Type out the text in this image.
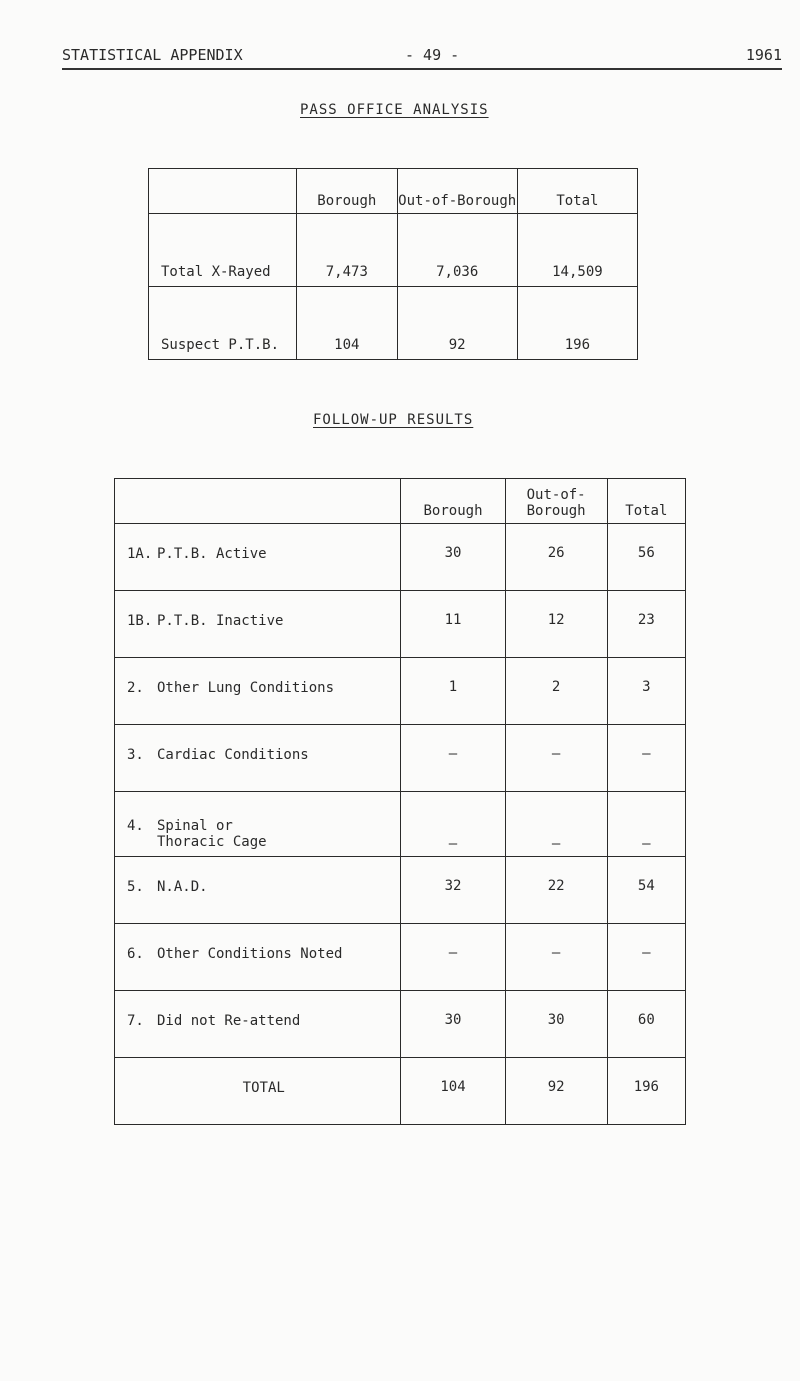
STATISTICAL APPENDIX	- 49 -	1961
PASS OFFICE ANALYSIS
	Borough	Out-of-Borough	Total
Total X-Rayed	7,473	7,036	14,509
Suspect P.T.B.	104	92	196
FOLLOW-UP RESULTS
	Borough	Out-of-Borough	Total
1A. P.T.B. Active	30	26	56
1B. P.T.B. Inactive	11	12	23
2. Other Lung Conditions	1	2	3
3. Cardiac Conditions	—	—	—
4. Spinal or Thoracic Cage	—	—	—
5. N.A.D.	32	22	54
6. Other Conditions Noted	—	—	—
7. Did not Re-attend	30	30	60
TOTAL	104	92	196
